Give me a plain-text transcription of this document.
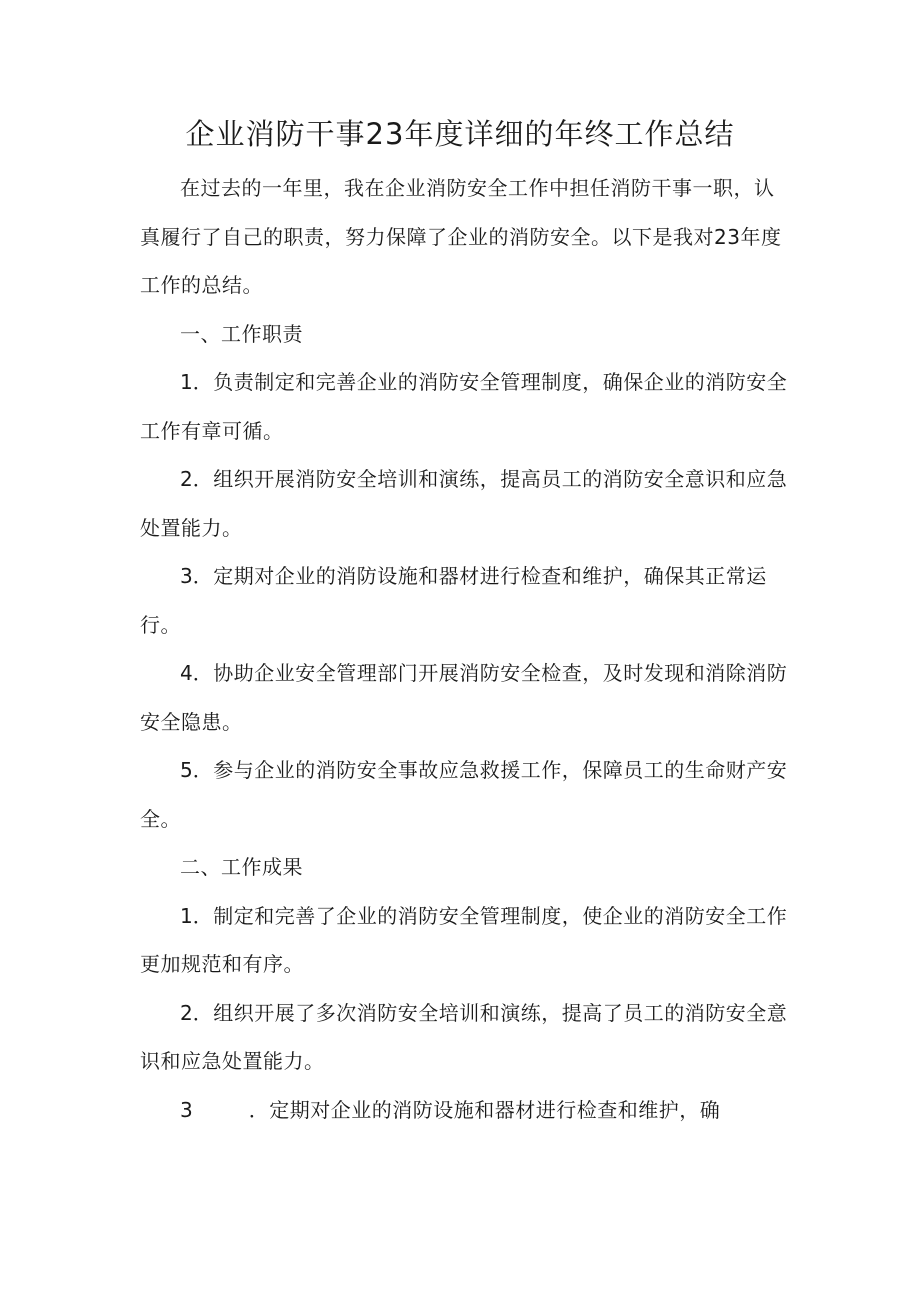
企业消防干事23年度详细的年终工作总结

在过去的一年里，我在企业消防安全工作中担任消防干事一职，认真履行了自己的职责，努力保障了企业的消防安全。以下是我对23年度工作的总结。

一、工作职责

1．负责制定和完善企业的消防安全管理制度，确保企业的消防安全工作有章可循。

2．组织开展消防安全培训和演练，提高员工的消防安全意识和应急处置能力。

3．定期对企业的消防设施和器材进行检查和维护，确保其正常运行。

4．协助企业安全管理部门开展消防安全检查，及时发现和消除消防安全隐患。

5．参与企业的消防安全事故应急救援工作，保障员工的生命财产安全。

二、工作成果

1．制定和完善了企业的消防安全管理制度，使企业的消防安全工作更加规范和有序。

2．组织开展了多次消防安全培训和演练，提高了员工的消防安全意识和应急处置能力。

3	．定期对企业的消防设施和器材进行检查和维护，确
